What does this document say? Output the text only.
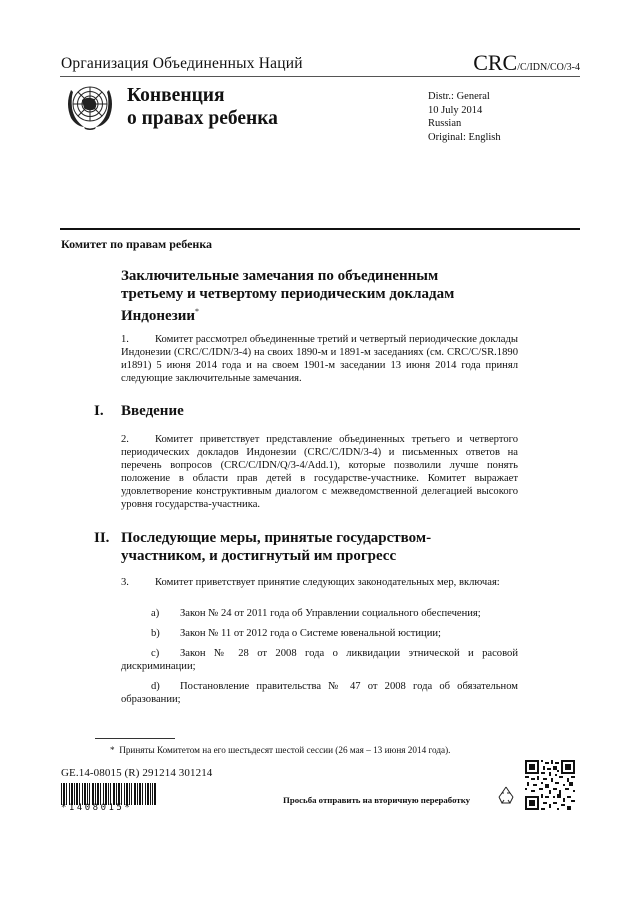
Организация Объединенных Наций	CRC/C/IDN/CO/3-4
Конвенция
о правах ребенка
Distr.: General
10 July 2014
Russian
Original: English
Комитет по правам ребенка
Заключительные замечания по объединенным
третьему и четвертому периодическим докладам
Индонезии*
1. Комитет рассмотрел объединенные третий и четвертый периодические доклады Индонезии (CRC/C/IDN/3-4) на своих 1890-м и 1891-м заседаниях (см. CRC/C/SR.1890 и1891) 5 июня 2014 года и на своем 1901-м заседании 13 июня 2014 года принял следующие заключительные замечания.
I. Введение
2. Комитет приветствует представление объединенных третьего и четвертого периодических докладов Индонезии (CRC/C/IDN/3-4) и письменных ответов на перечень вопросов (CRC/C/IDN/Q/3-4/Add.1), которые позволили лучше понять положение в области прав детей в государстве-участнике. Комитет выражает удовлетворение конструктивным диалогом с межведомственной делегацией высокого уровня государства-участника.
II. Последующие меры, принятые государством-участником, и достигнутый им прогресс
3. Комитет приветствует принятие следующих законодательных мер, включая:
a) Закон № 24 от 2011 года об Управлении социального обеспечения;
b) Закон № 11 от 2012 года о Системе ювенальной юстиции;
c) Закон № 28 от 2008 года о ликвидации этнической и расовой дискриминации;
d) Постановление правительства № 47 от 2008 года об обязательном образовании;
* Приняты Комитетом на его шестьдесят шестой сессии (26 мая – 13 июня 2014 года).
GE.14-08015 (R) 291214 301214
*1408015*
Просьба отправить на вторичную переработку
